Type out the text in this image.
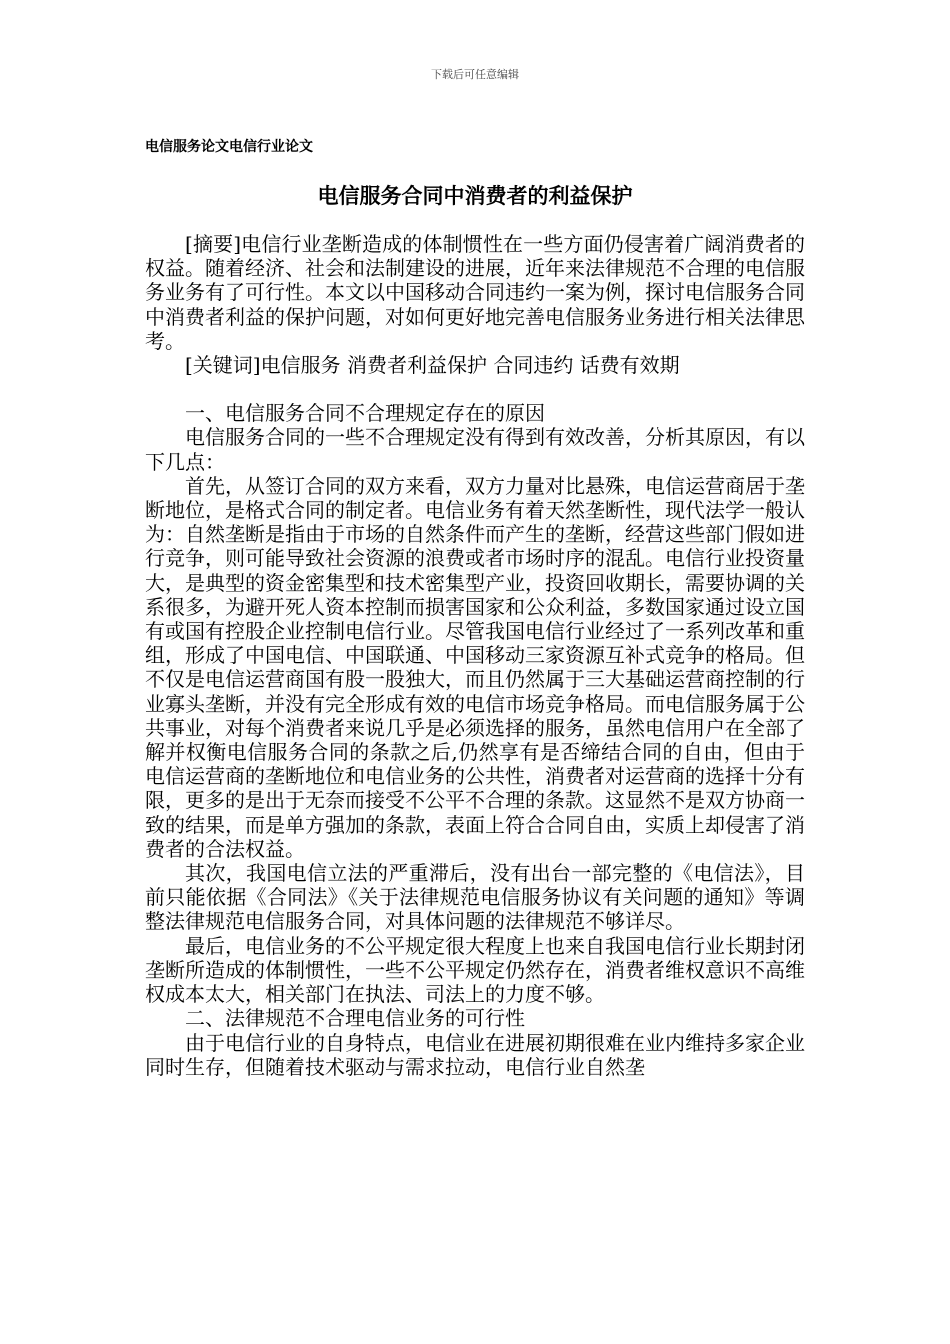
下载后可任意编辑
电信服务论文电信行业论文
电信服务合同中消费者的利益保护

[摘要]电信行业垄断造成的体制惯性在一些方面仍侵害着广阔消费者的权益。随着经济、社会和法制建设的进展，近年来法律规范不合理的电信服务业务有了可行性。本文以中国移动合同违约一案为例，探讨电信服务合同中消费者利益的保护问题，对如何更好地完善电信服务业务进行相关法律思考。

[关键词]电信服务 消费者利益保护 合同违约 话费有效期

一、电信服务合同不合理规定存在的原因

电信服务合同的一些不合理规定没有得到有效改善，分析其原因，有以下几点：

首先，从签订合同的双方来看，双方力量对比悬殊，电信运营商居于垄断地位，是格式合同的制定者。电信业务有着天然垄断性，现代法学一般认为：自然垄断是指由于市场的自然条件而产生的垄断，经营这些部门假如进行竞争，则可能导致社会资源的浪费或者市场时序的混乱。电信行业投资量大，是典型的资金密集型和技术密集型产业，投资回收期长，需要协调的关系很多，为避开死人资本控制而损害国家和公众利益，多数国家通过设立国有或国有控股企业控制电信行业。尽管我国电信行业经过了一系列改革和重组，形成了中国电信、中国联通、中国移动三家资源互补式竞争的格局。但不仅是电信运营商国有股一股独大，而且仍然属于三大基础运营商控制的行业寡头垄断，并没有完全形成有效的电信市场竞争格局。而电信服务属于公共事业，对每个消费者来说几乎是必须选择的服务，虽然电信用户在全部了解并权衡电信服务合同的条款之后,仍然享有是否缔结合同的自由，但由于电信运营商的垄断地位和电信业务的公共性，消费者对运营商的选择十分有限，更多的是出于无奈而接受不公平不合理的条款。这显然不是双方协商一致的结果，而是单方强加的条款，表面上符合合同自由，实质上却侵害了消费者的合法权益。

其次，我国电信立法的严重滞后，没有出台一部完整的《电信法》，目前只能依据《合同法》《关于法律规范电信服务协议有关问题的通知》等调整法律规范电信服务合同，对具体问题的法律规范不够详尽。

最后，电信业务的不公平规定很大程度上也来自我国电信行业长期封闭垄断所造成的体制惯性，一些不公平规定仍然存在，消费者维权意识不高维权成本太大，相关部门在执法、司法上的力度不够。

二、法律规范不合理电信业务的可行性

由于电信行业的自身特点，电信业在进展初期很难在业内维持多家企业同时生存，但随着技术驱动与需求拉动，电信行业自然垄
